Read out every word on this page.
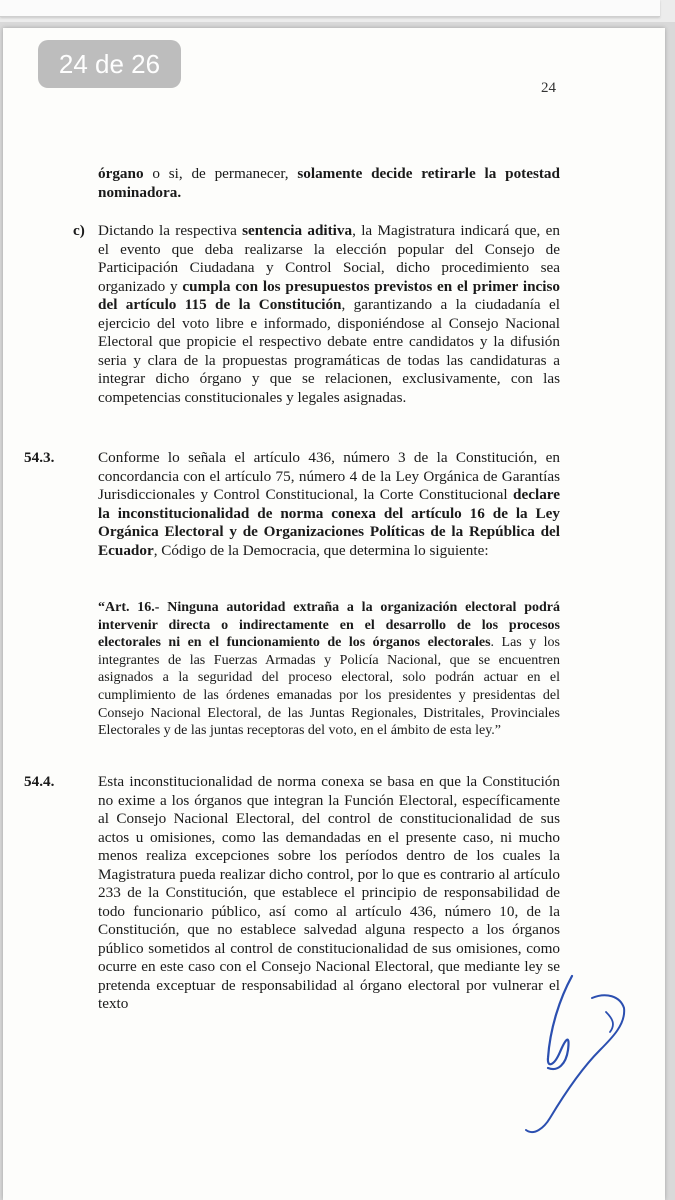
24 de 26
24
órgano o si, de permanecer, solamente decide retirarle la potestad nominadora.
c) Dictando la respectiva sentencia aditiva, la Magistratura indicará que, en el evento que deba realizarse la elección popular del Consejo de Participación Ciudadana y Control Social, dicho procedimiento sea organizado y cumpla con los presupuestos previstos en el primer inciso del artículo 115 de la Constitución, garantizando a la ciudadanía el ejercicio del voto libre e informado, disponiéndose al Consejo Nacional Electoral que propicie el respectivo debate entre candidatos y la difusión seria y clara de la propuestas programáticas de todas las candidaturas a integrar dicho órgano y que se relacionen, exclusivamente, con las competencias constitucionales y legales asignadas.
54.3.	Conforme lo señala el artículo 436, número 3 de la Constitución, en concordancia con el artículo 75, número 4 de la Ley Orgánica de Garantías Jurisdiccionales y Control Constitucional, la Corte Constitucional declare la inconstitucionalidad de norma conexa del artículo 16 de la Ley Orgánica Electoral y de Organizaciones Políticas de la República del Ecuador, Código de la Democracia, que determina lo siguiente:
“Art. 16.- Ninguna autoridad extraña a la organización electoral podrá intervenir directa o indirectamente en el desarrollo de los procesos electorales ni en el funcionamiento de los órganos electorales. Las y los integrantes de las Fuerzas Armadas y Policía Nacional, que se encuentren asignados a la seguridad del proceso electoral, solo podrán actuar en el cumplimiento de las órdenes emanadas por los presidentes y presidentas del Consejo Nacional Electoral, de las Juntas Regionales, Distritales, Provinciales Electorales y de las juntas receptoras del voto, en el ámbito de esta ley.”
54.4.	Esta inconstitucionalidad de norma conexa se basa en que la Constitución no exime a los órganos que integran la Función Electoral, específicamente al Consejo Nacional Electoral, del control de constitucionalidad de sus actos u omisiones, como las demandadas en el presente caso, ni mucho menos realiza excepciones sobre los períodos dentro de los cuales la Magistratura pueda realizar dicho control, por lo que es contrario al artículo 233 de la Constitución, que establece el principio de responsabilidad de todo funcionario público, así como al artículo 436, número 10, de la Constitución, que no establece salvedad alguna respecto a los órganos público sometidos al control de constitucionalidad de sus omisiones, como ocurre en este caso con el Consejo Nacional Electoral, que mediante ley se pretenda exceptuar de responsabilidad al órgano electoral por vulnerar el texto
